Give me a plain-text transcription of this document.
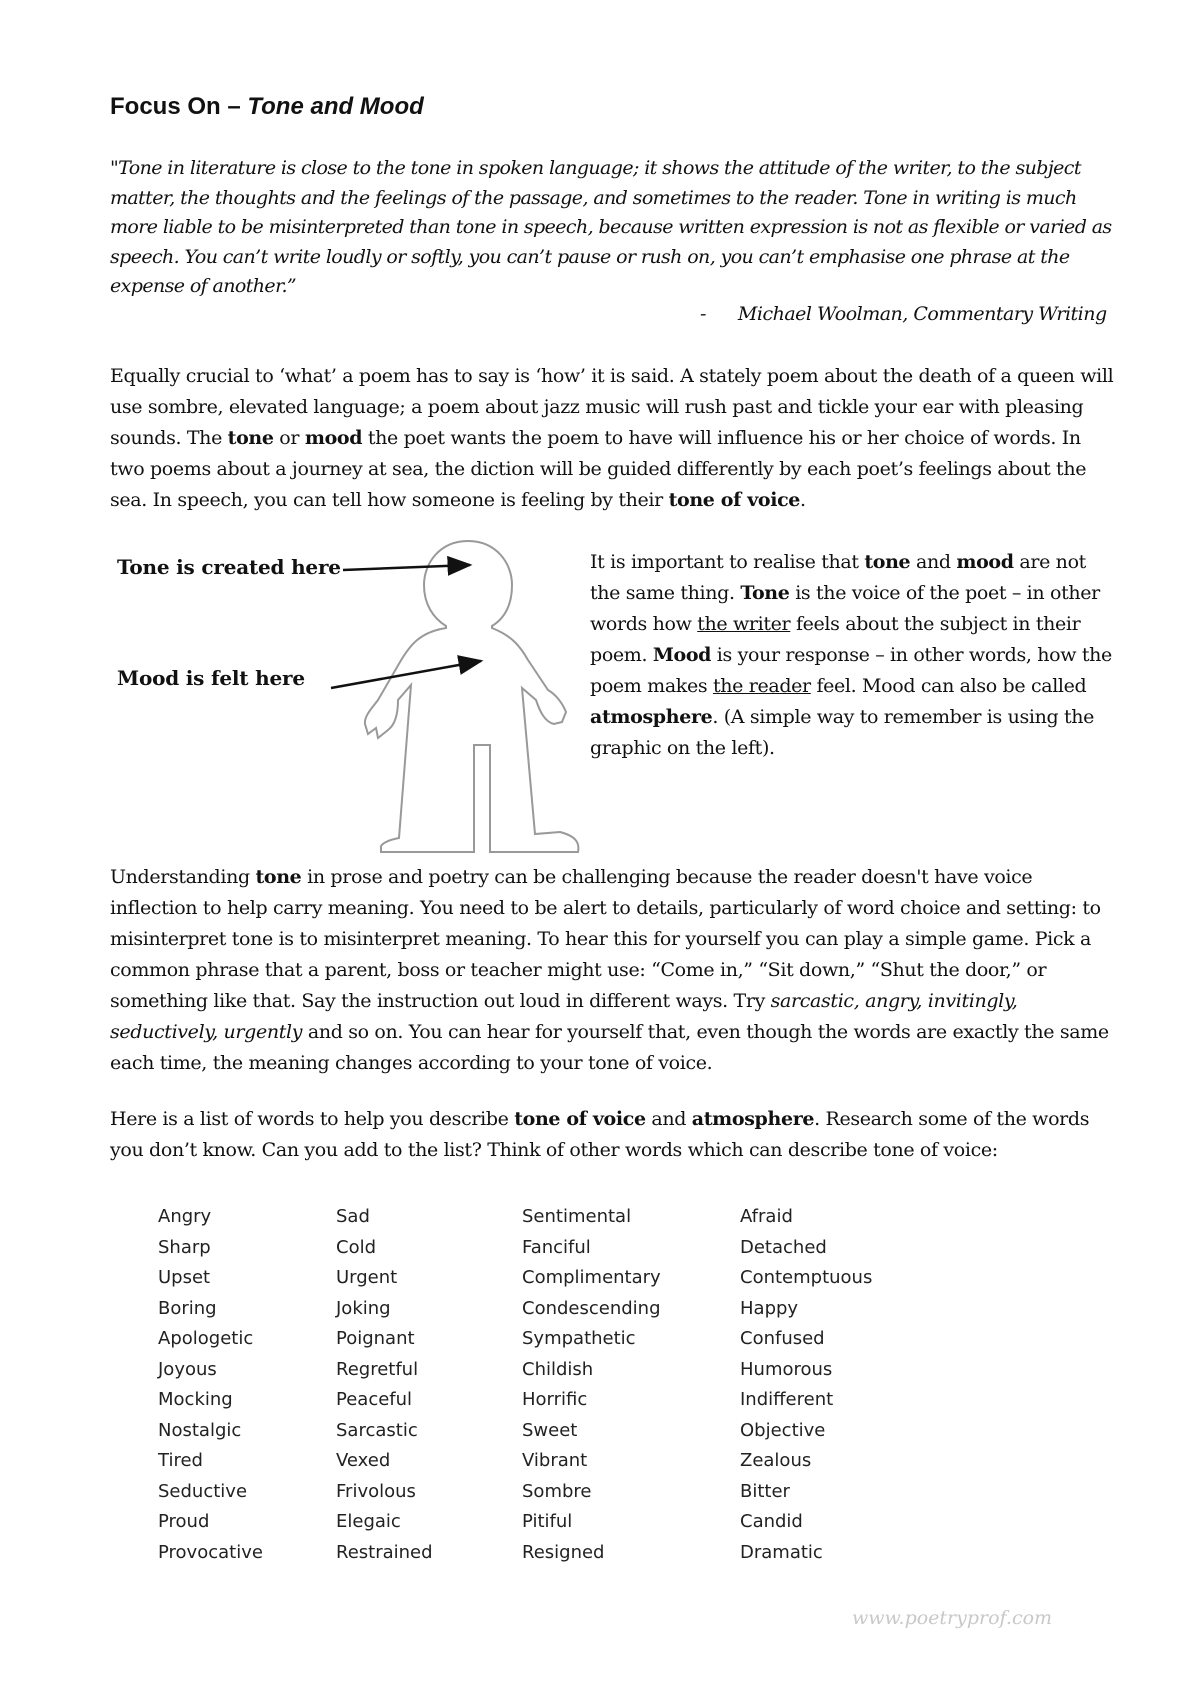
Focus On – Tone and Mood
"Tone in literature is close to the tone in spoken language; it shows the attitude of the writer, to the subject matter, the thoughts and the feelings of the passage, and sometimes to the reader. Tone in writing is much more liable to be misinterpreted than tone in speech, because written expression is not as flexible or varied as speech. You can’t write loudly or softly, you can’t pause or rush on, you can’t emphasise one phrase at the expense of another.”
- Michael Woolman, Commentary Writing
Equally crucial to ‘what’ a poem has to say is ‘how’ it is said. A stately poem about the death of a queen will use sombre, elevated language; a poem about jazz music will rush past and tickle your ear with pleasing sounds. The tone or mood the poet wants the poem to have will influence his or her choice of words. In two poems about a journey at sea, the diction will be guided differently by each poet’s feelings about the sea. In speech, you can tell how someone is feeling by their tone of voice.
Tone is created here
Mood is felt here
It is important to realise that tone and mood are not the same thing. Tone is the voice of the poet – in other words how the writer feels about the subject in their poem. Mood is your response – in other words, how the poem makes the reader feel. Mood can also be called atmosphere. (A simple way to remember is using the graphic on the left).
Understanding tone in prose and poetry can be challenging because the reader doesn't have voice inflection to help carry meaning. You need to be alert to details, particularly of word choice and setting: to misinterpret tone is to misinterpret meaning. To hear this for yourself you can play a simple game. Pick a common phrase that a parent, boss or teacher might use: “Come in,” “Sit down,” “Shut the door,” or something like that. Say the instruction out loud in different ways. Try sarcastic, angry, invitingly, seductively, urgently and so on. You can hear for yourself that, even though the words are exactly the same each time, the meaning changes according to your tone of voice.
Here is a list of words to help you describe tone of voice and atmosphere. Research some of the words you don’t know. Can you add to the list? Think of other words which can describe tone of voice:
Angry
Sharp
Upset
Boring
Apologetic
Joyous
Mocking
Nostalgic
Tired
Seductive
Proud
Provocative
Sad
Cold
Urgent
Joking
Poignant
Regretful
Peaceful
Sarcastic
Vexed
Frivolous
Elegaic
Restrained
Sentimental
Fanciful
Complimentary
Condescending
Sympathetic
Childish
Horrific
Sweet
Vibrant
Sombre
Pitiful
Resigned
Afraid
Detached
Contemptuous
Happy
Confused
Humorous
Indifferent
Objective
Zealous
Bitter
Candid
Dramatic
www.poetryprof.com
